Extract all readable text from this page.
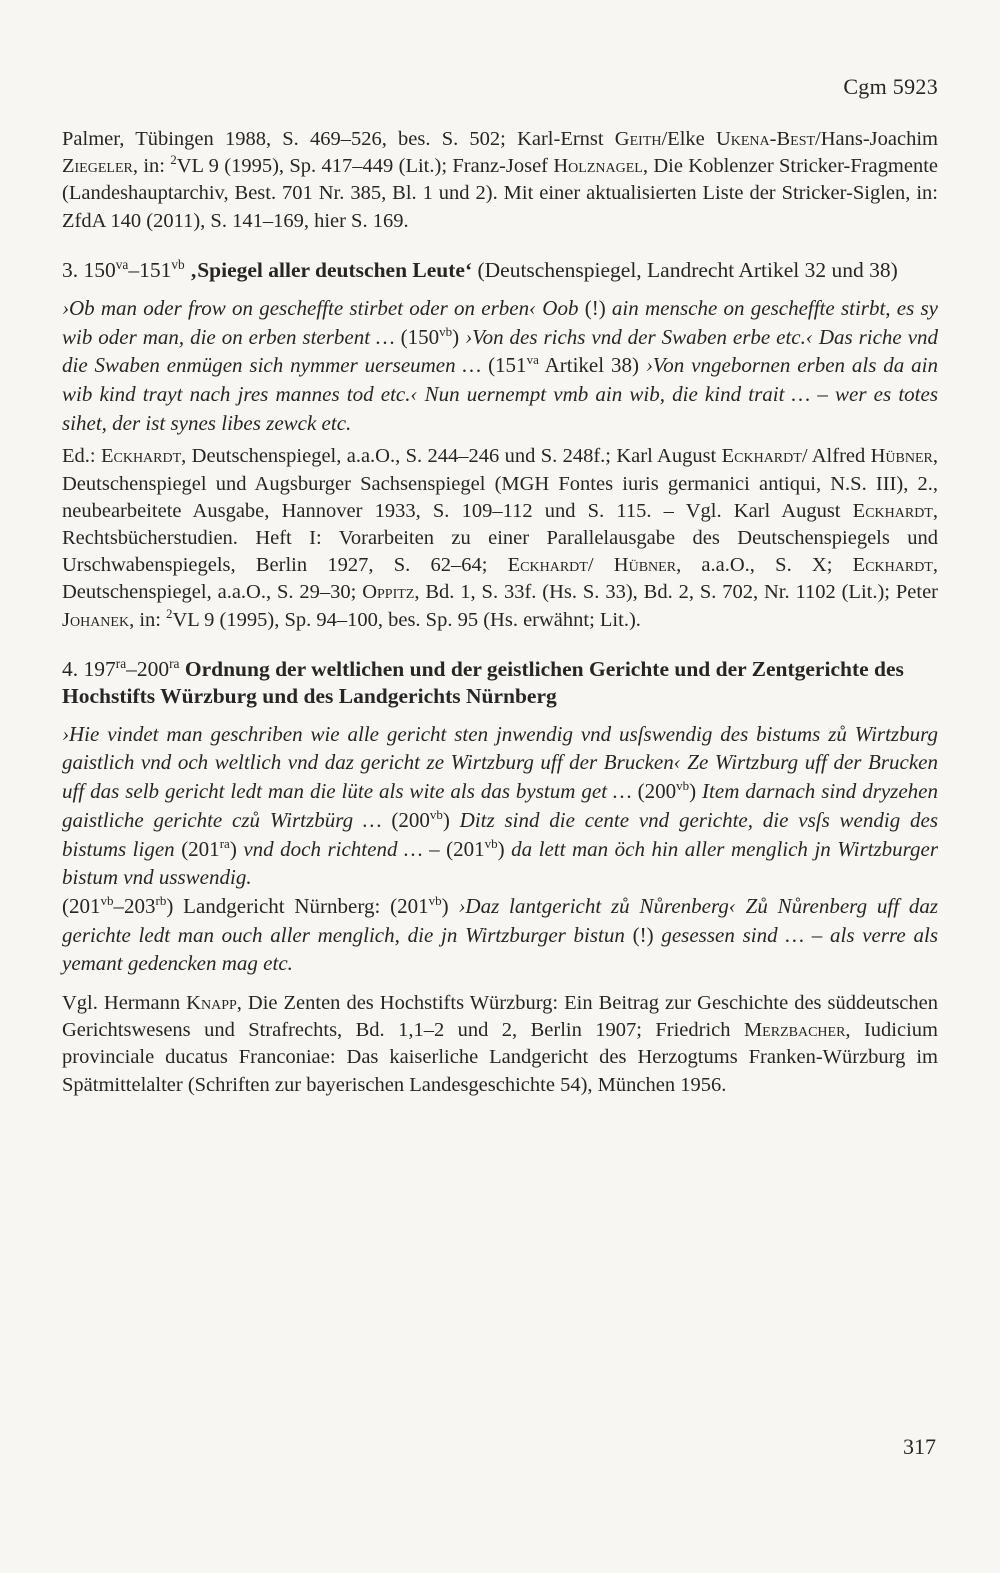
Cgm 5923

Palmer, Tübingen 1988, S. 469–526, bes. S. 502; Karl-Ernst Geith/Elke Ukena-Best/Hans-Joachim Ziegeler, in: $^2$VL 9 (1995), Sp. 417–449 (Lit.); Franz-Josef Holznagel, Die Koblenzer Stricker-Fragmente (Landeshauptarchiv, Best. 701 Nr. 385, Bl. 1 und 2). Mit einer aktualisierten Liste der Stricker-Siglen, in: ZfdA 140 (2011), S. 141–169, hier S. 169.

3. $150^{va}-151^{vb}$ ‚Spiegel aller deutschen Leute‘ (Deutschenspiegel, Landrecht Artikel 32 und 38)

›Ob man oder frow on gescheffte stirbet oder on erben‹ Oob (!) ain mensche on gescheffte stirbt, es sy wib oder man, die on erben sterbent … $(150^{vb})$ ›Von des richs vnd der Swaben erbe etc.‹ Das riche vnd die Swaben enmügen sich nymmer uerseumen … ($151^{va}$ Artikel 38) ›Von vngebornen erben als da ain wib kind trayt nach jres mannes tod etc.‹ Nun uernempt vmb ain wib, die kind trait … – wer es totes sihet, der ist synes libes zewck etc.

Ed.: Eckhardt, Deutschenspiegel, a.a.O., S. 244–246 und S. 248f.; Karl August Eckhardt/ Alfred Hübner, Deutschenspiegel und Augsburger Sachsenspiegel (MGH Fontes iuris germanici antiqui, N.S. III), 2., neubearbeitete Ausgabe, Hannover 1933, S. 109–112 und S. 115. – Vgl. Karl August Eckhardt, Rechtsbücherstudien. Heft I: Vorarbeiten zu einer Parallelausgabe des Deutschenspiegels und Urschwabenspiegels, Berlin 1927, S. 62–64; Eckhardt/ Hübner, a.a.O., S. X; Eckhardt, Deutschenspiegel, a.a.O., S. 29–30; Oppitz, Bd. 1, S. 33f. (Hs. S. 33), Bd. 2, S. 702, Nr. 1102 (Lit.); Peter Johanek, in: $^2$VL 9 (1995), Sp. 94–100, bes. Sp. 95 (Hs. erwähnt; Lit.).

4. $197^{ra}-200^{ra}$ Ordnung der weltlichen und der geistlichen Gerichte und der Zentgerichte des Hochstifts Würzburg und des Landgerichts Nürnberg

›Hie vindet man geschriben wie alle gericht sten jnwendig vnd usſswendig des bistums zů Wirtzburg gaistlich vnd och weltlich vnd daz gericht ze Wirtzburg uff der Brucken‹ Ze Wirtzburg uff der Brucken uff das selb gericht ledt man die lüte als wite als das bystum get … $(200^{vb})$ Item darnach sind dryzehen gaistliche gerichte czů Wirtzbürg … $(200^{vb})$ Ditz sind die cente vnd gerichte, die vsſs wendig des bistums ligen $(201^{ra})$ vnd doch richtend … – $(201^{vb})$ da lett man öch hin aller menglich jn Wirtzburger bistum vnd usswendig.

$(201^{vb}-203^{rb})$ Landgericht Nürnberg: $(201^{vb})$ ›Daz lantgericht zů Nůrenberg‹ Zů Nůrenberg uff daz gerichte ledt man ouch aller menglich, die jn Wirtzburger bistun (!) gesessen sind … – als verre als yemant gedencken mag etc.

Vgl. Hermann Knapp, Die Zenten des Hochstifts Würzburg: Ein Beitrag zur Geschichte des süddeutschen Gerichtswesens und Strafrechts, Bd. 1,1–2 und 2, Berlin 1907; Friedrich Merzbacher, Iudicium provinciale ducatus Franconiae: Das kaiserliche Landgericht des Herzogtums Franken-Würzburg im Spätmittelalter (Schriften zur bayerischen Landesgeschichte 54), München 1956.

317
